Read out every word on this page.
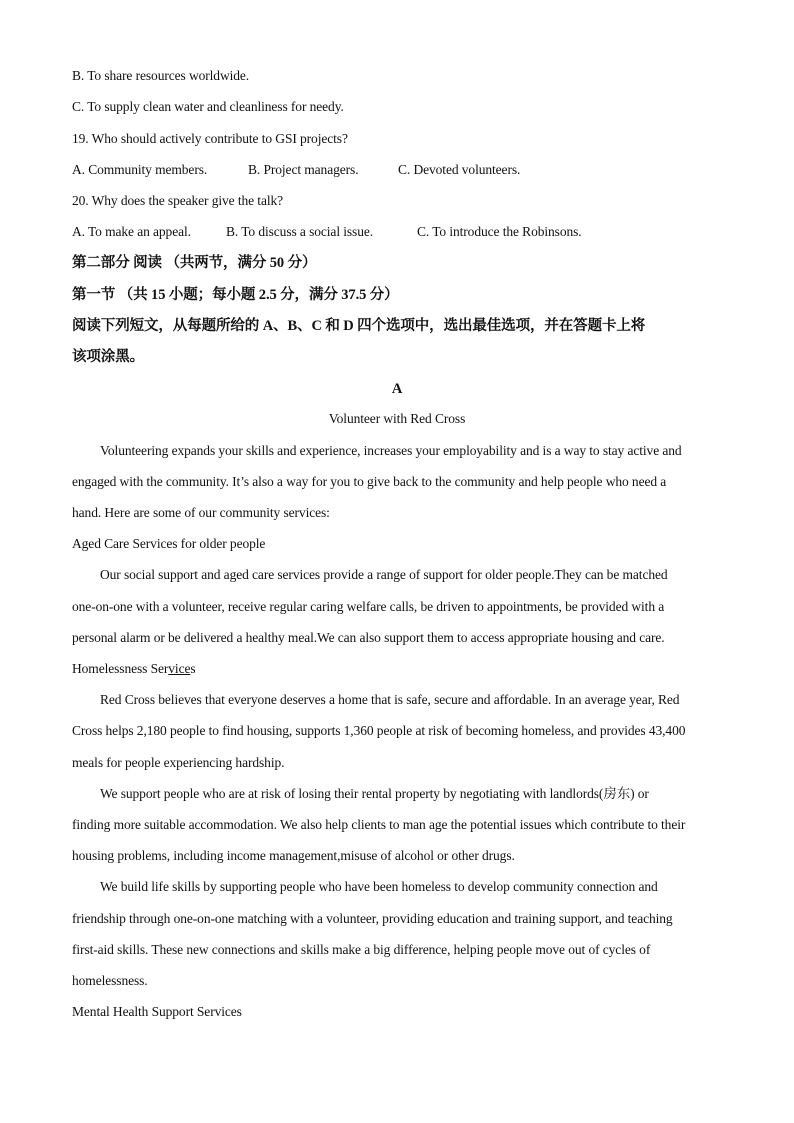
B. To share resources worldwide.
C. To supply clean water and cleanliness for needy.
19. Who should actively contribute to GSI projects?
A. Community members.	B. Project managers.	C. Devoted volunteers.
20. Why does the speaker give the talk?
A. To make an appeal.	B. To discuss a social issue.	C. To introduce the Robinsons.
第二部分 阅读 （共两节，满分 50 分）
第一节 （共 15 小题；每小题 2.5 分，满分 37.5 分）
阅读下列短文，从每题所给的 A、B、C 和 D 四个选项中，选出最佳选项，并在答题卡上将
该项涂黑。
A
Volunteer with Red Cross
Volunteering expands your skills and experience, increases your employability and is a way to stay active and
engaged with the community. It’s also a way for you to give back to the community and help people who need a
hand. Here are some of our community services:
Aged Care Services for older people
Our social support and aged care services provide a range of support for older people.They can be matched
one-on-one with a volunteer, receive regular caring welfare calls, be driven to appointments, be provided with a
personal alarm or be delivered a healthy meal.We can also support them to access appropriate housing and care.
Homelessness Services
Red Cross believes that everyone deserves a home that is safe, secure and affordable. In an average year, Red
Cross helps 2,180 people to find housing, supports 1,360 people at risk of becoming homeless, and provides 43,400
meals for people experiencing hardship.
We support people who are at risk of losing their rental property by negotiating with landlords(房东) or
finding more suitable accommodation. We also help clients to man age the potential issues which contribute to their
housing problems, including income management,misuse of alcohol or other drugs.
We build life skills by supporting people who have been homeless to develop community connection and
friendship through one-on-one matching with a volunteer, providing education and training support, and teaching
first-aid skills. These new connections and skills make a big difference, helping people move out of cycles of
homelessness.
Mental Health Support Services
